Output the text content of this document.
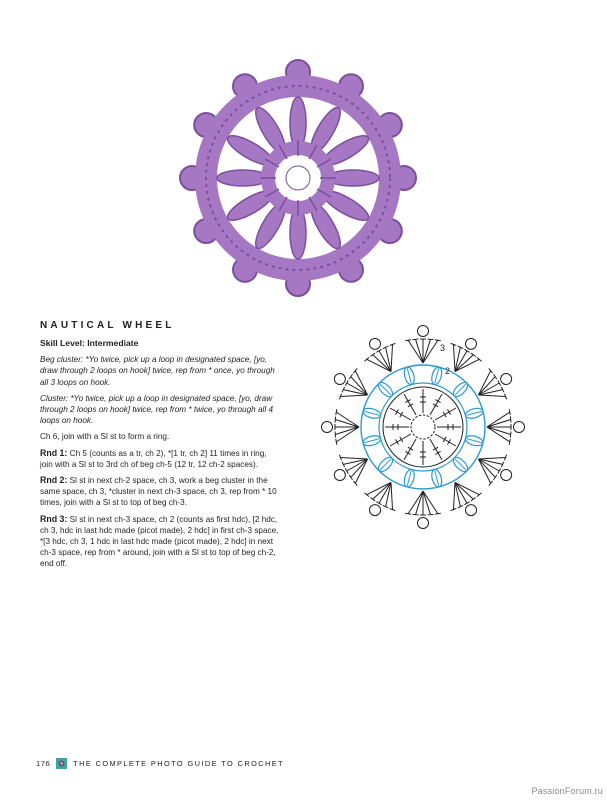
NAUTICAL WHEEL

Skill Level: Intermediate

Beg cluster: *Yo twice, pick up a loop in designated space, [yo, draw through 2 loops on hook] twice, rep from * once, yo through all 3 loops on hook.

Cluster: *Yo twice, pick up a loop in designated space, [yo, draw through 2 loops on hook] twice, rep from * twice, yo through all 4 loops on hook.

Ch 6, join with a Sl st to form a ring.

Rnd 1: Ch 5 (counts as a tr, ch 2), *[1 tr, ch 2] 11 times in ring, join with a Sl st to 3rd ch of beg ch-5 (12 tr, 12 ch-2 spaces).

Rnd 2: Sl st in next ch-2 space, ch 3, work a beg cluster in the same space, ch 3, *cluster in next ch-3 space, ch 3, rep from * 10 times, join with a Sl st to top of beg ch-3.

Rnd 3: Sl st in next ch-3 space, ch 2 (counts as first hdc), [2 hdc, ch 3, hdc in last hdc made (picot made), 2 hdc] in first ch-3 space, *[3 hdc, ch 3, 1 hdc in last hdc made (picot made), 2 hdc] in next ch-3 space, rep from * around, join with a Sl st to top of beg ch-2, end off.

3
2
176	THE COMPLETE PHOTO GUIDE TO CROCHET
PassionForum.ru
